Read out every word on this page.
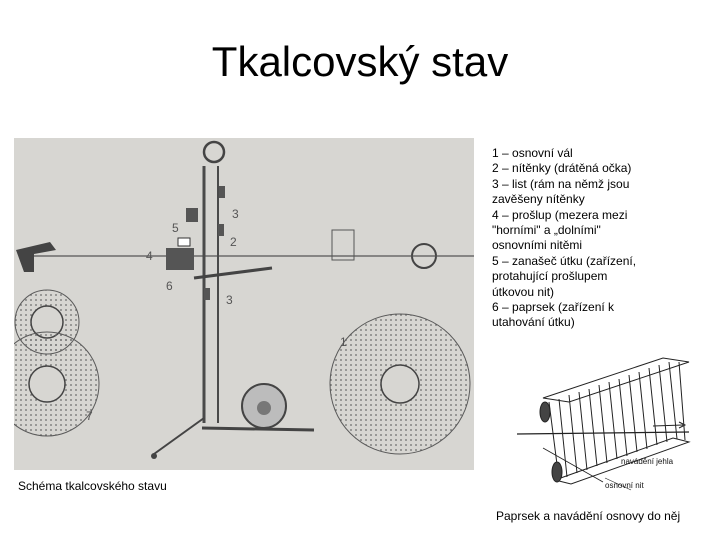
Tkalcovský stav
3
2
5
4
6
3
1
7
1 – osnovní vál
2 – nítěnky (drátěná očka)
3 – list (rám na němž jsou
zavěšeny nítěnky
4 – prošlup (mezera mezi
"horními" a „dolními"
osnovními nitěmi
5 – zanašeč útku (zařízení,
protahující prošlupem
útkovou nit)
6 – paprsek (zařízení k
utahování útku)
navádění jehla
osnovní nit
Schéma tkalcovského stavu
Paprsek a navádění osnovy do něj
